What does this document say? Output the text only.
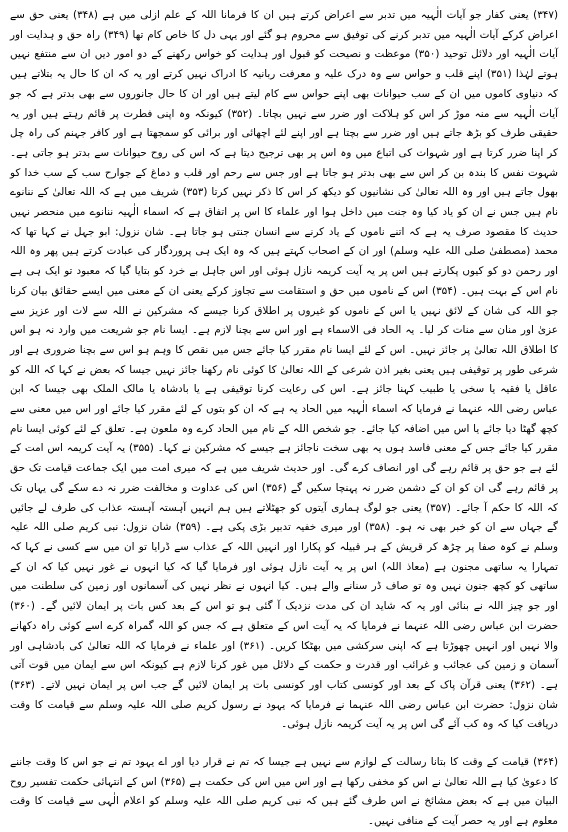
(۳۴۷) یعنی کفار جو آیات الٰہیہ میں تدبر سے اعراض کرتے ہیں ان کا فرمانا اللہ کے علم ازلی میں ہے (۳۴۸) یعنی حق سے اعراض کرکے آیات الٰہیہ میں تدبر کرنے کی توفیق سے محروم ہو گئے اور یہی دل کا خاص کام تھا (۳۴۹) راہ حق و ہدایت اور آیات الٰہیہ اور دلائل توحید (۳۵۰) موعظت و نصیحت کو قبول اور ہدایت کو خواس رکھنے کے دو امور دیں ان سے منتفع نہیں ہوتے لہٰذا (۳۵۱) اپنے قلب و حواس سے وہ درک علیہ و معرفت ربانیہ کا ادراک نہیں کرتے اور یہ کہ ان کا حال یہ بتلاتے ہیں کہ دنیاوی کاموں میں ان کے سب حیوانات بھی اپنے حواس سے کام لیتے ہیں اور ان کا حال جانوروں سے بھی بدتر ہے کہ جو آیات الٰہیہ سے منہ موڑ کر اس کو ہلاکت اور ضرر سے نہیں بچاتا۔ (۳۵۲) کیونکہ وہ اپنی فطرت پر قائم رہتے ہیں اور یہ حقیقی طرف کو بڑھ جاتے ہیں اور ضرر سے بچتا ہے اور اپنے لئے اچھائی اور برائی کو سمجھتا ہے اور کافر جہنم کی راہ چل کر اپنا ضرر کرتا ہے اور شہوات کی اتباع میں وہ اس پر بھی ترجیح دیتا ہے کہ اس کی روح حیوانات سے بدتر ہو جاتی ہے۔ شہوت نفس کا بندہ بن کر اس سے بھی بدتر ہو جاتا ہے اور جس سے رحم اور قلب و دماغ کے جوارح سب کے سب خدا کو بھول جاتے ہیں اور وہ اللہ تعالیٰ کی نشانیوں کو دیکھ کر اس کا ذکر نہیں کرتا (۳۵۳) شریف میں ہے کہ اللہ تعالیٰ کے ننانوے نام ہیں جس نے ان کو یاد کیا وہ جنت میں داخل ہوا اور علماء کا اس پر اتفاق ہے کہ اسماء الٰہیہ ننانوے میں منحصر نہیں حدیث کا مقصود صرف یہ ہے کہ اتنے ناموں کے یاد کرنے سے انسان جنتی ہو جاتا ہے۔ شان نزول: ابو جہل نے کہا تھا کہ محمد (مصطفیٰ صلی اللہ علیہ وسلم) اور ان کے اصحاب کہتے ہیں کہ وہ ایک ہی پروردگار کی عبادت کرتے ہیں پھر وہ اللہ اور رحمن دو کو کیوں پکارتے ہیں اس پر یہ آیت کریمہ نازل ہوئی اور اس جاہل بے خرد کو بتایا گیا کہ معبود تو ایک ہی ہے نام اس کے بہت ہیں۔ (۳۵۴) اس کے ناموں میں حق و استقامت سے تجاوز کرکے یعنی ان کے معنی میں ایسے حقائق بیان کرنا جو اللہ کی شان کے لائق نہیں یا اس کے ناموں کو غیروں پر اطلاق کرنا جیسے کہ مشرکین نے اللہ سے لات اور عزیز سے عزیٰ اور منان سے منات کر لیا۔ یہ الحاد فی الاسماء ہے اور اس سے بچنا لازم ہے۔ ایسا نام جو شریعت میں وارد نہ ہو اس کا اطلاق اللہ تعالیٰ پر جائز نہیں۔ اس کے لئے ایسا نام مقرر کیا جائے جس میں نقص کا وہم ہو اس سے بچنا ضروری ہے اور شرعی طور پر توقیفی ہیں یعنی بغیر اذن شرعی کے اللہ تعالیٰ کا کوئی نام رکھنا جائز نہیں جیسا کہ بعض نے کہا کہ اللہ کو عاقل یا فقیہ یا سخی یا طبیب کہنا جائز ہے۔ اس کی رعایت کرنا توقیفی ہے یا بادشاہ یا مالک الملک بھی جیسا کہ ابن عباس رضی اللہ عنہما نے فرمایا کہ اسماء الٰہیہ میں الحاد یہ ہے کہ ان کو بتوں کے لئے مقرر کیا جائے اور اس میں معنی سے کچھ گھٹا دیا جائے یا اس میں اضافہ کیا جائے۔ جو شخص اللہ کے نام میں الحاد کرے وہ ملعون ہے۔ تعلق کے لئے کوئی ایسا نام مقرر کیا جائے جس کے معنی فاسد ہوں یہ بھی سخت ناجائز ہے جیسے کہ مشرکین نے کہا۔ (۳۵۵) یہ آیت کریمہ اس امت کے لئے ہے جو حق پر قائم رہے گی اور انصاف کرے گی۔ اور حدیث شریف میں ہے کہ میری امت میں ایک جماعت قیامت تک حق پر قائم رہے گی ان کو ان کے دشمن ضرر نہ پہنچا سکیں گے (۳۵۶) اس کی عداوت و مخالفت ضرر نہ دے سکے گی یہاں تک کہ اللہ کا حکم آ جائے۔ (۳۵۷) یعنی جو لوگ ہماری آیتوں کو جھٹلاتے ہیں ہم انہیں آہستہ آہستہ عذاب کی طرف لے جائیں گے جہاں سے ان کو خبر بھی نہ ہو۔ (۳۵۸) اور میری خفیہ تدبیر بڑی پکی ہے۔ (۳۵۹) شان نزول: نبی کریم صلی اللہ علیہ وسلم نے کوہ صفا پر چڑھ کر قریش کے ہر قبیلہ کو پکارا اور انہیں اللہ کے عذاب سے ڈرایا تو ان میں سے کسی نے کہا کہ تمہارا یہ ساتھی مجنون ہے (معاذ اللہ) اس پر یہ آیت نازل ہوئی اور فرمایا گیا کہ کیا انہوں نے غور نہیں کیا کہ ان کے ساتھی کو کچھ جنون نہیں وہ تو صاف ڈر سنانے والے ہیں۔ کیا انہوں نے نظر نہیں کی آسمانوں اور زمین کی سلطنت میں اور جو چیز اللہ نے بنائی اور یہ کہ شاید ان کی مدت نزدیک آ گئی ہو تو اس کے بعد کس بات پر ایمان لائیں گے۔ (۳۶۰) حضرت ابن عباس رضی اللہ عنہما نے فرمایا کہ یہ آیت اس کے متعلق ہے کہ جس کو اللہ گمراہ کرے اسے کوئی راہ دکھانے والا نہیں اور انہیں چھوڑتا ہے کہ اپنی سرکشی میں بھٹکا کریں۔ (۳۶۱) اور علماء نے فرمایا کہ اللہ تعالیٰ کی بادشاہی اور آسمان و زمین کی عجائب و غرائب اور قدرت و حکمت کے دلائل میں غور کرنا لازم ہے کیونکہ اس سے ایمان میں قوت آتی ہے۔ (۳۶۲) یعنی قرآن پاک کے بعد اور کونسی کتاب اور کونسی بات پر ایمان لائیں گے جب اس پر ایمان نہیں لاتے۔ (۳۶۳) شان نزول: حضرت ابن عباس رضی اللہ عنہما نے فرمایا کہ یہود نے رسول کریم صلی اللہ علیہ وسلم سے قیامت کا وقت دریافت کیا کہ وہ کب آئے گی اس پر یہ آیت کریمہ نازل ہوئی۔

(۳۶۴) قیامت کے وقت کا بتانا رسالت کے لوازم سے نہیں ہے جیسا کہ تم نے قرار دیا اور اے یہود تم نے جو اس کا وقت جاننے کا دعویٰ کیا ہے اللہ تعالیٰ نے اس کو مخفی رکھا ہے اور اس میں اس کی حکمت ہے (۳۶۵) اس کے انتہائی حکمت تفسیر روح البیان میں ہے کہ بعض مشائخ نے اس طرف گئے ہیں کہ نبی کریم صلی اللہ علیہ وسلم کو اعلام الٰہی سے قیامت کا وقت معلوم ہے اور یہ حصر آیت کے منافی نہیں۔
